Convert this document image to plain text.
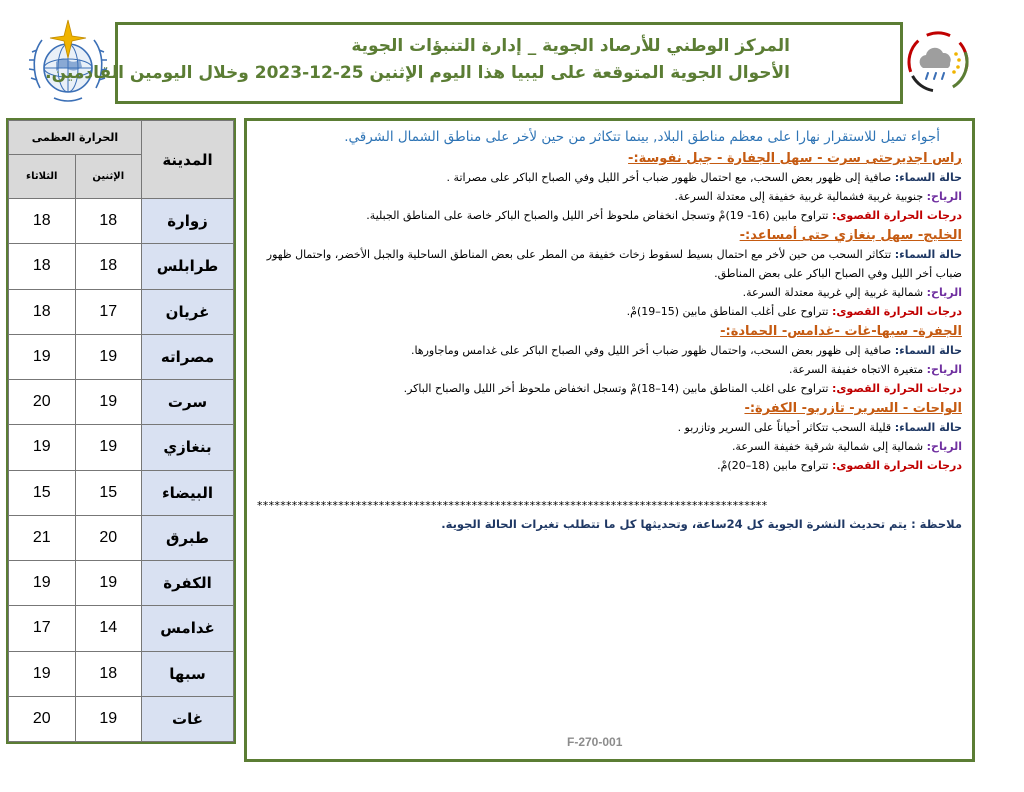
المركز الوطني للأرصاد الجوية _ إدارة التنبؤات الجوية
الأحوال الجوية المتوقعة على ليبيا هذا اليوم الإثنين 25-12-2023 وخلال اليومين القادمين.
الحرارة العظمى		المدينة
الثلاثاء	الإثنين	
18	18	زوارة
18	18	طرابلس
18	17	غريان
19	19	مصراته
20	19	سرت
19	19	بنغازي
15	15	البيضاء
21	20	طبرق
19	19	الكفرة
17	14	غدامس
19	18	سبها
20	19	غات
أجواء تميل للاستقرار نهارا على معظم مناطق البلاد, بينما تتكاثر من حين لأخر على مناطق الشمال الشرقي.
راس اجديرحتى سرت - سهل الجفارة - جبل نفوسة:-
حالة السماء: صافية إلى ظهور بعض السحب, مع احتمال ظهور ضباب أخر الليل وفي الصباح الباكر على مصراتة .
الرياح: جنوبية غربية فشمالية غربية خفيفة إلى معتدلة السرعة.
درجات الحرارة القصوى: تتراوح مابين (16- 19)مْ وتسجل انخفاض ملحوظ أخر الليل والصباح الباكر خاصة على المناطق الجبلية.
الخليج- سهل بنغازي حتى أمساعد:-
حالة السماء: تتكاثر السحب من حين لأخر مع احتمال بسيط لسقوط زخات خفيفة من المطر على بعض المناطق الساحلية والجبل الأخضر، واحتمال ظهور ضباب أخر الليل وفي الصباح الباكر على بعض المناطق.
الرياح: شمالية غربية إلي غربية معتدلة السرعة.
درجات الحرارة القصوى: تتراوح على أغلب المناطق مابين (15–19)مْ.
الجفرة- سبها-غات -غدامس- الحمادة:-
حالة السماء: صافية إلى ظهور بعض السحب، واحتمال ظهور ضباب أخر الليل وفي الصباح الباكر على غدامس وماجاورها.
الرياح: متغيرة الاتجاه خفيفة السرعة.
درجات الحرارة القصوى: تتراوح على اغلب المناطق مابين (14–18)مْ وتسجل انخفاض ملحوظ أخر الليل والصباح الباكر.
الواحات - السرير- تازربو- الكفرة:-
حالة السماء: قليلة السحب تتكاثر أحياناً على السرير وتازربو .
الرياح: شمالية إلى شمالية شرقية خفيفة السرعة.
درجات الحرارة القصوى: تتراوح مابين (18–20)مْ.
****************************************************************************************
ملاحظة : يتم تحديث النشرة الجوية كل 24ساعة، وتحديثها كل ما تتطلب تغيرات الحالة الجوية.
F-270-001
